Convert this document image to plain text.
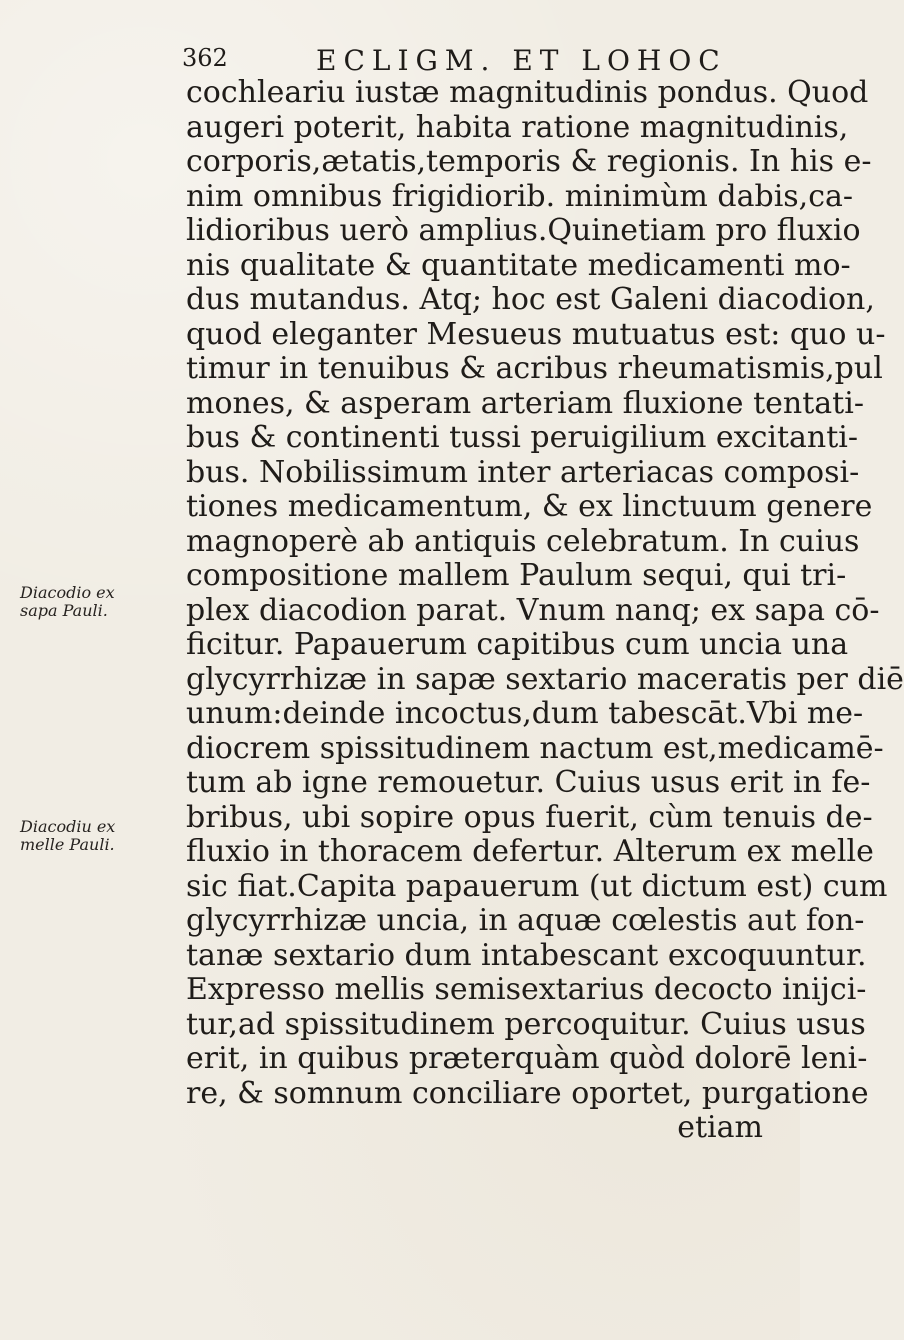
362	ECLIGM. ET LOHOC
Diacodio ex
sapa Pauli.
Diacodiu ex
melle Pauli.
cochleariu iustæ magnitudinis pondus. Quod
augeri poterit, habita ratione magnitudinis,
corporis,ætatis,temporis & regionis. In his e-
nim omnibus frigidiorib. minimùm dabis,ca-
lidioribus uerò amplius.Quinetiam pro fluxio
nis qualitate & quantitate medicamenti mo-
dus mutandus. Atq; hoc est Galeni diacodion,
quod eleganter Mesueus mutuatus est: quo u-
timur in tenuibus & acribus rheumatismis,pul
mones, & asperam arteriam fluxione tentati-
bus & continenti tussi peruigilium excitanti-
bus. Nobilissimum inter arteriacas composi-
tiones medicamentum, & ex linctuum genere
magnoperè ab antiquis celebratum. In cuius
compositione mallem Paulum sequi, qui tri-
plex diacodion parat. Vnum nanq; ex sapa cō-
ficitur. Papauerum capitibus cum uncia una
glycyrrhizæ in sapæ sextario maceratis per diē
unum:deinde incoctus,dum tabescāt.Vbi me-
diocrem spissitudinem nactum est,medicamē-
tum ab igne remouetur. Cuius usus erit in fe-
bribus, ubi sopire opus fuerit, cùm tenuis de-
fluxio in thoracem defertur. Alterum ex melle
sic fiat.Capita papauerum (ut dictum est) cum
glycyrrhizæ uncia, in aquæ cœlestis aut fon-
tanæ sextario dum intabescant excoquuntur.
Expresso mellis semisextarius decocto inijci-
tur,ad spissitudinem percoquitur. Cuius usus
erit, in quibus præterquàm quòd dolorē leni-
re, & somnum conciliare oportet, purgatione
etiam
